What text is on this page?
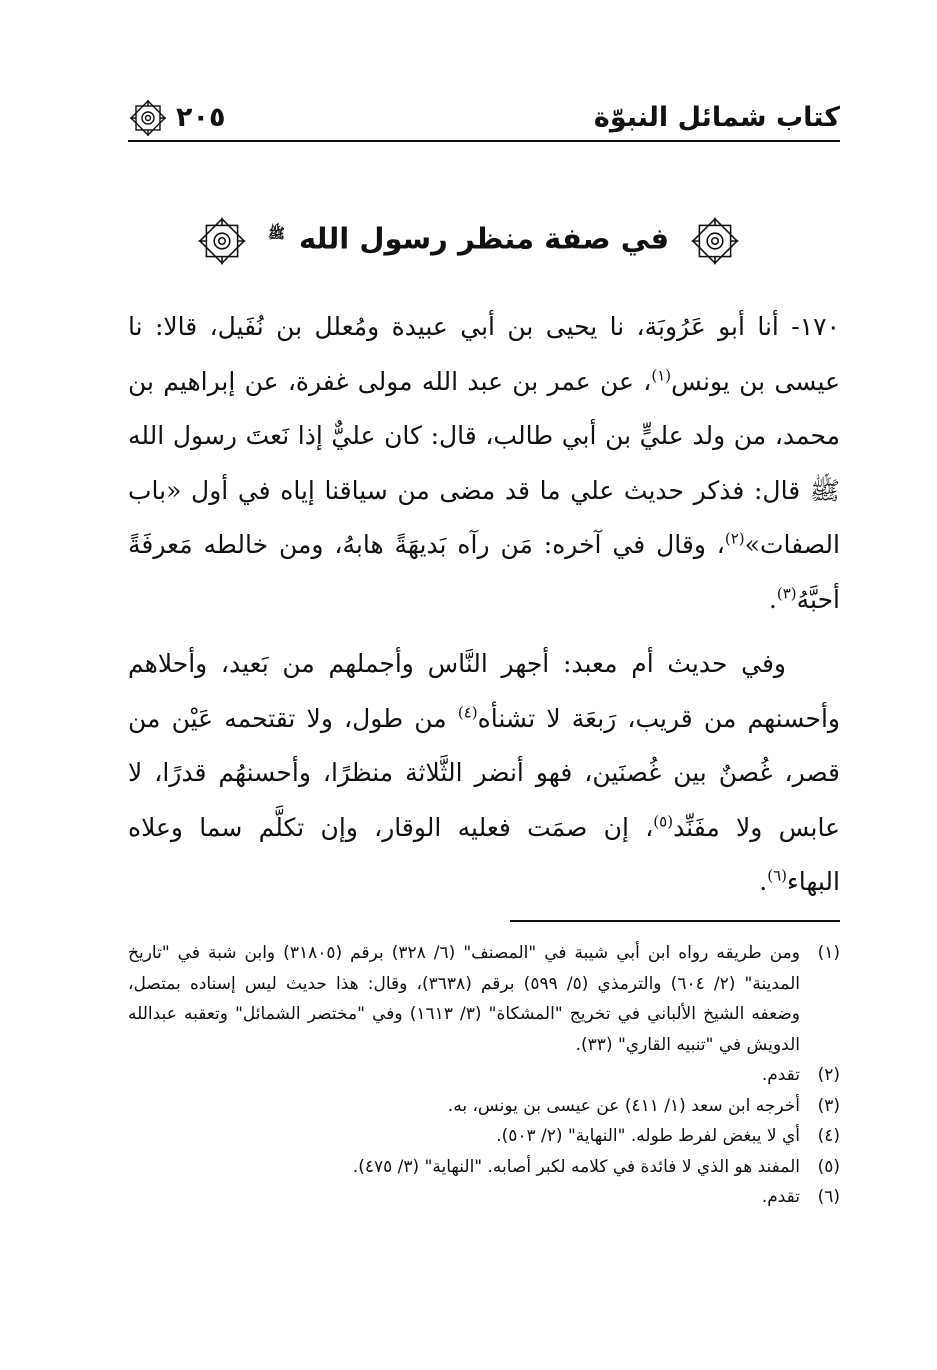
كتاب شمائل النبوّة
٢٠٥
في صفة منظر رسول الله $^ﷺ$

١٧٠- أنا أبو عَرُوبَة، نا يحيى بن أبي عبيدة ومُعلل بن نُفَيل، قالا: نا عيسى بن يونس$^{(١)}$، عن عمر بن عبد الله مولى غفرة، عن إبراهيم بن محمد، من ولد عليٍّ بن أبي طالب، قال: كان عليٌّ إذا نَعتَ رسول الله ﷺ قال: فذكر حديث علي ما قد مضى من سياقنا إياه في أول «باب الصفات»$^{(٢)}$، وقال في آخره: مَن رآه بَديهَةً هابهُ، ومن خالطه مَعرفَةً أحبَّهُ$^{(٣)}$.

وفي حديث أم معبد: أجهر النَّاس وأجملهم من بَعيد، وأحلاهم وأحسنهم من قريب، رَبعَة لا تشنأه$^{(٤)}$ من طول، ولا تقتحمه عَيْن من قصر، غُصنٌ بين غُصنَين، فهو أنضر الثَّلاثة منظرًا، وأحسنهُم قدرًا، لا عابس ولا مفَنِّد$^{(٥)}$، إن صمَت فعليه الوقار، وإن تكلَّم سما وعلاه البهاء$^{(٦)}$.

(١)
ومن طريقه رواه ابن أبي شيبة في "المصنف" (٦/ ٣٢٨) برقم (٣١٨٠٥) وابن شبة في "تاريخ المدينة" (٢/ ٦٠٤) والترمذي (٥/ ٥٩٩) برقم (٣٦٣٨)، وقال: هذا حديث ليس إسناده بمتصل، وضعفه الشيخ الألباني في تخريج "المشكاة" (٣/ ١٦١٣) وفي "مختصر الشمائل" وتعقبه عبدالله الدويش في "تنبيه القاري" (٣٣).
(٢)
تقدم.
(٣)
أخرجه ابن سعد (١/ ٤١١) عن عيسى بن يونس، به.
(٤)
أي لا يبغض لفرط طوله. "النهاية" (٢/ ٥٠٣).
(٥)
المفند هو الذي لا فائدة في كلامه لكبر أصابه. "النهاية" (٣/ ٤٧٥).
(٦)
تقدم.
